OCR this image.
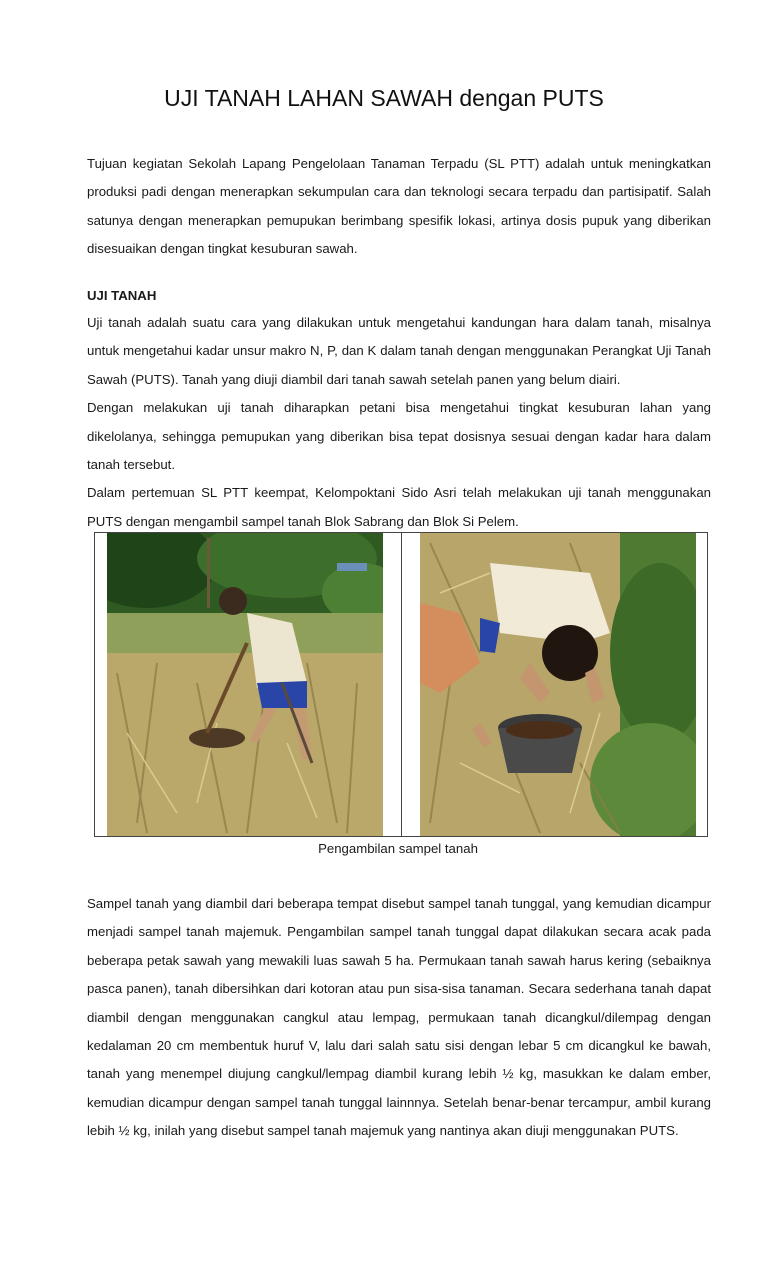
UJI TANAH LAHAN SAWAH dengan PUTS

Tujuan kegiatan Sekolah Lapang Pengelolaan Tanaman Terpadu (SL PTT) adalah untuk meningkatkan produksi padi dengan menerapkan sekumpulan cara dan teknologi secara terpadu dan partisipatif. Salah satunya dengan menerapkan pemupukan berimbang spesifik lokasi, artinya dosis pupuk yang diberikan disesuaikan dengan tingkat kesuburan sawah.

UJI TANAH

Uji tanah adalah suatu cara yang dilakukan untuk mengetahui kandungan hara dalam tanah, misalnya untuk mengetahui kadar unsur makro N, P, dan K dalam tanah dengan menggunakan Perangkat Uji Tanah Sawah (PUTS). Tanah yang diuji diambil dari tanah sawah setelah panen yang belum diairi.

Dengan melakukan uji tanah diharapkan petani bisa mengetahui tingkat kesuburan lahan yang dikelolanya, sehingga pemupukan yang diberikan bisa tepat dosisnya sesuai dengan kadar hara dalam tanah tersebut.

Dalam pertemuan SL PTT keempat, Kelompoktani Sido Asri telah melakukan uji tanah menggunakan PUTS dengan mengambil sampel tanah Blok Sabrang dan Blok Si Pelem.

Pengambilan sampel tanah

Sampel tanah yang diambil dari beberapa tempat disebut sampel tanah tunggal, yang kemudian dicampur menjadi sampel tanah majemuk. Pengambilan sampel tanah tunggal dapat dilakukan secara acak pada beberapa petak sawah yang mewakili luas sawah 5 ha. Permukaan tanah sawah harus kering (sebaiknya pasca panen), tanah dibersihkan dari kotoran atau pun sisa-sisa tanaman. Secara sederhana tanah dapat diambil dengan menggunakan cangkul atau lempag, permukaan tanah dicangkul/dilempag dengan kedalaman 20 cm membentuk huruf V, lalu dari salah satu sisi dengan lebar 5 cm dicangkul ke bawah, tanah yang menempel diujung cangkul/lempag diambil kurang lebih ½ kg, masukkan ke dalam ember, kemudian dicampur dengan sampel tanah tunggal lainnnya. Setelah benar-benar tercampur, ambil kurang lebih ½ kg, inilah yang disebut sampel tanah majemuk yang nantinya akan diuji menggunakan PUTS.
